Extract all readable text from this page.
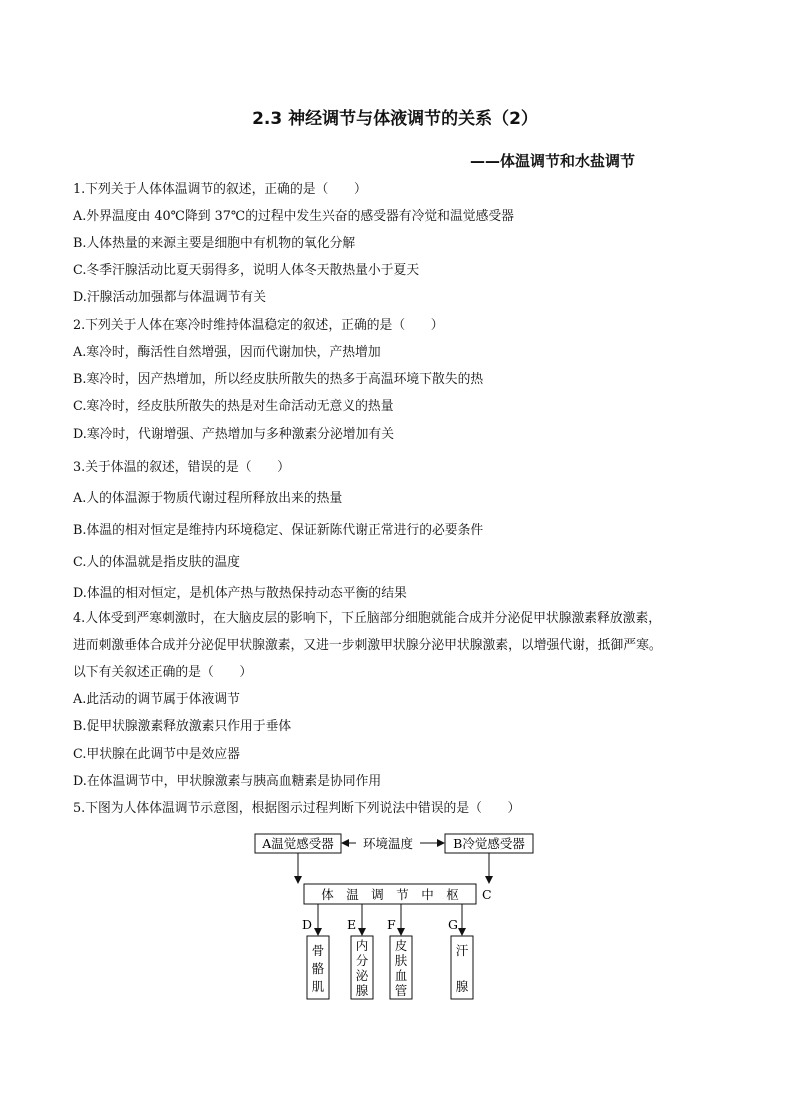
2.3 神经调节与体液调节的关系（2）
——体温调节和水盐调节
1.下列关于人体体温调节的叙述，正确的是（　　）
A.外界温度由 40℃降到 37℃的过程中发生兴奋的感受器有冷觉和温觉感受器
B.人体热量的来源主要是细胞中有机物的氧化分解
C.冬季汗腺活动比夏天弱得多，说明人体冬天散热量小于夏天
D.汗腺活动加强都与体温调节有关
2.下列关于人体在寒冷时维持体温稳定的叙述，正确的是（　　）
A.寒冷时，酶活性自然增强，因而代谢加快，产热增加
B.寒冷时，因产热增加，所以经皮肤所散失的热多于高温环境下散失的热
C.寒冷时，经皮肤所散失的热是对生命活动无意义的热量
D.寒冷时，代谢增强、产热增加与多种激素分泌增加有关
3.关于体温的叙述，错误的是（　　）
A.人的体温源于物质代谢过程所释放出来的热量
B.体温的相对恒定是维持内环境稳定、保证新陈代谢正常进行的必要条件
C.人的体温就是指皮肤的温度
D.体温的相对恒定，是机体产热与散热保持动态平衡的结果
4.人体受到严寒刺激时，在大脑皮层的影响下，下丘脑部分细胞就能合成并分泌促甲状腺激素释放激素，
进而刺激垂体合成并分泌促甲状腺激素，又进一步刺激甲状腺分泌甲状腺激素，以增强代谢，抵御严寒。
以下有关叙述正确的是（　　）
A.此活动的调节属于体液调节
B.促甲状腺激素释放激素只作用于垂体
C.甲状腺在此调节中是效应器
D.在体温调节中，甲状腺激素与胰高血糖素是协同作用
5.下图为人体体温调节示意图，根据图示过程判断下列说法中错误的是（　　）
A温觉感受器 环境温度	B冷觉感受器
体　温　调　节　中　枢 C
D	E F	G
骨
骼
肌
内
分
泌
腺
皮
肤
血
管
汗
腺
